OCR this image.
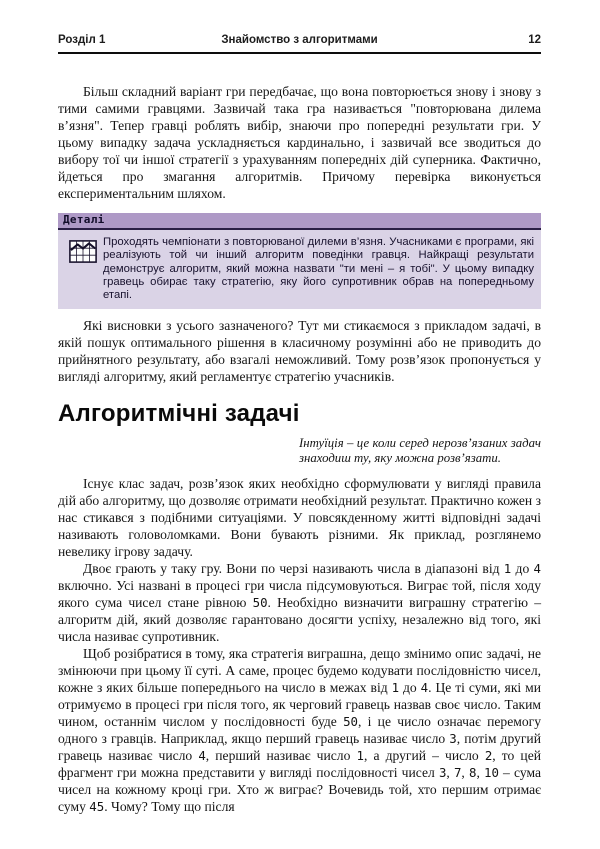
Розділ 1	Знайомство з алгоритмами	12

Більш складний варіант гри передбачає, що вона повторюється знову і знову з тими самими гравцями. Зазвичай така гра називається "повторювана дилема в’язня". Тепер гравці роблять вибір, знаючи про попередні результати гри. У цьому випадку задача ускладняється кардинально, і зазвичай все зводиться до вибору тої чи іншої стратегії з урахуванням попередніх дій суперника. Фактично, йдеться про змагання алгоритмів. Причому перевірка виконується експериментальним шляхом.

Деталі

Проходять чемпіонати з повторюваної дилеми в’язня. Учасниками є програми, які реалізують той чи інший алгоритм поведінки гравця. Найкращі результати демонструє алгоритм, який можна назвати "ти мені – я тобі". У цьому випадку гравець обирає таку стратегію, яку його супротивник обрав на попередньому етапі.

Які висновки з усього зазначеного? Тут ми стикаємося з прикладом задачі, в якій пошук оптимального рішення в класичному розумінні або не приводить до прийнятного результату, або взагалі неможливий. Тому розв’язок пропонується у вигляді алгоритму, який регламентує стратегію учасників.

Алгоритмічні задачі
Інтуїція – це коли серед нерозв’язаних задач знаходиш ту, яку можна розв’язати.

Існує клас задач, розв’язок яких необхідно сформулювати у вигляді правила дій або алгоритму, що дозволяє отримати необхідний результат. Практично кожен з нас стикався з подібними ситуаціями. У повсякденному житті відповідні задачі називають головоломками. Вони бувають різними. Як приклад, розглянемо невелику ігрову задачу.

Двоє грають у таку гру. Вони по черзі називають числа в діапазоні від 1 до 4 включно. Усі названі в процесі гри числа підсумовуються. Виграє той, після ходу якого сума чисел стане рівною 50. Необхідно визначити виграшну стратегію – алгоритм дій, який дозволяє гарантовано досягти успіху, незалежно від того, які числа називає супротивник.

Щоб розібратися в тому, яка стратегія виграшна, дещо змінимо опис задачі, не змінюючи при цьому її суті. А саме, процес будемо кодувати послідовністю чисел, кожне з яких більше попереднього на число в межах від 1 до 4. Це ті суми, які ми отримуємо в процесі гри після того, як черговий гравець назвав своє число. Таким чином, останнім числом у послідовності буде 50, і це число означає перемогу одного з гравців. Наприклад, якщо перший гравець називає число 3, потім другий гравець називає число 4, перший називає число 1, а другий – число 2, то цей фрагмент гри можна представити у вигляді послідовності чисел 3, 7, 8, 10 – сума чисел на кожному кроці гри. Хто ж виграє? Вочевидь той, хто першим отримає суму 45. Чому? Тому що після
